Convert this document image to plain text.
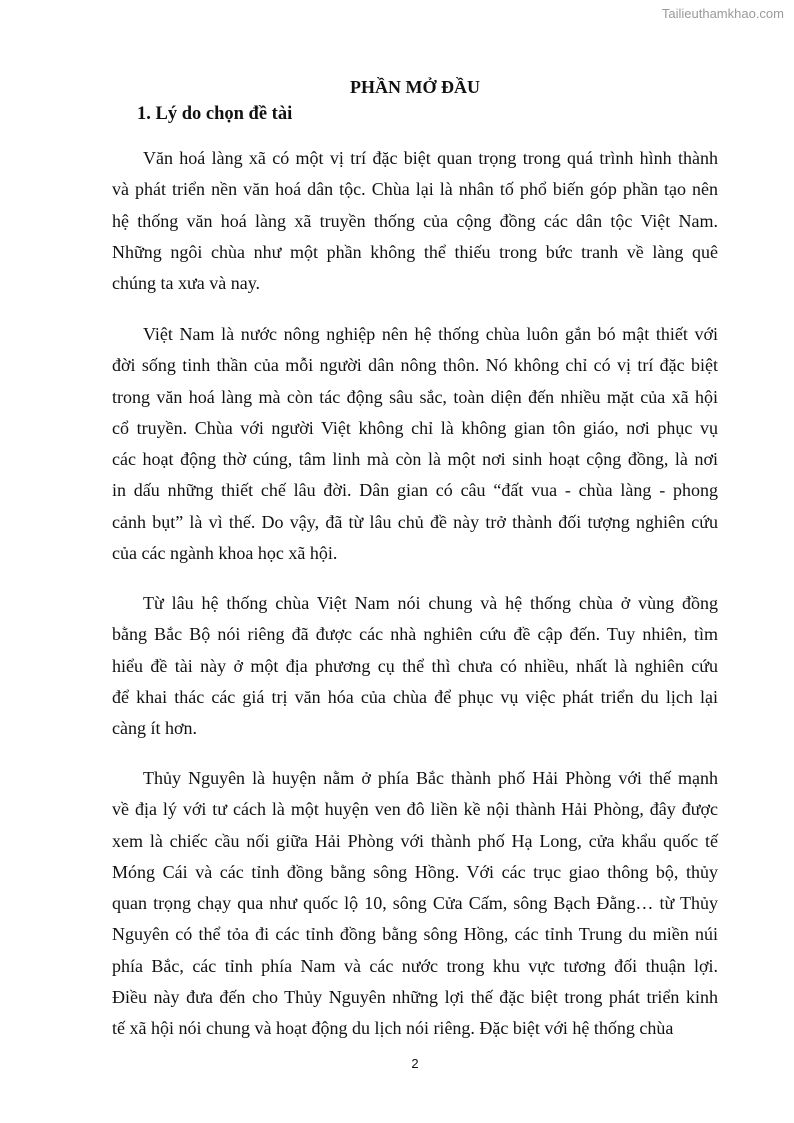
Tailieuthamkhao.com
PHẦN MỞ ĐẦU
1. Lý do chọn đề tài
Văn hoá làng xã có một vị trí đặc biệt quan trọng trong quá trình hình thành
và phát triển nền văn hoá dân tộc. Chùa lại là nhân tố phổ biến góp phần tạo nên
hệ thống văn hoá làng xã truyền thống của cộng đồng các dân tộc Việt Nam.
Những ngôi chùa như một phần không thể thiếu trong bức tranh về làng quê
chúng ta xưa và nay.
Việt Nam là nước nông nghiệp nên hệ thống chùa luôn gắn bó mật thiết với
đời sống tinh thần của mỗi người dân nông thôn. Nó không chỉ có vị trí đặc biệt
trong văn hoá làng mà còn tác động sâu sắc, toàn diện đến nhiều mặt của xã hội
cổ truyền. Chùa với người Việt không chỉ là không gian tôn giáo, nơi phục vụ
các hoạt động thờ cúng, tâm linh mà còn là một nơi sinh hoạt cộng đồng, là nơi
in dấu những thiết chế lâu đời. Dân gian có câu “đất vua - chùa làng - phong
cảnh bụt” là vì thế. Do vậy, đã từ lâu chủ đề này trở thành đối tượng nghiên cứu
của các ngành khoa học xã hội.
Từ lâu hệ thống chùa Việt Nam nói chung và hệ thống chùa ở vùng đồng
bằng Bắc Bộ nói riêng đã được các nhà nghiên cứu đề cập đến. Tuy nhiên, tìm
hiểu đề tài này ở một địa phương cụ thể thì chưa có nhiều, nhất là nghiên cứu
để khai thác các giá trị văn hóa của chùa để phục vụ việc phát triển du lịch lại
càng ít hơn.
Thủy Nguyên là huyện nằm ở phía Bắc thành phố Hải Phòng với thế mạnh
về địa lý với tư cách là một huyện ven đô liền kề nội thành Hải Phòng, đây được
xem là chiếc cầu nối giữa Hải Phòng với thành phố Hạ Long, cửa khẩu quốc tế
Móng Cái và các tỉnh đồng bằng sông Hồng. Với các trục giao thông bộ, thủy
quan trọng chạy qua như quốc lộ 10, sông Cửa Cấm, sông Bạch Đằng… từ Thủy
Nguyên có thể tỏa đi các tỉnh đồng bằng sông Hồng, các tỉnh Trung du miền núi
phía Bắc, các tỉnh phía Nam và các nước trong khu vực tương đối thuận lợi.
Điều này đưa đến cho Thủy Nguyên những lợi thế đặc biệt trong phát triển kinh
tế xã hội nói chung và hoạt động du lịch nói riêng. Đặc biệt với hệ thống chùa
2
